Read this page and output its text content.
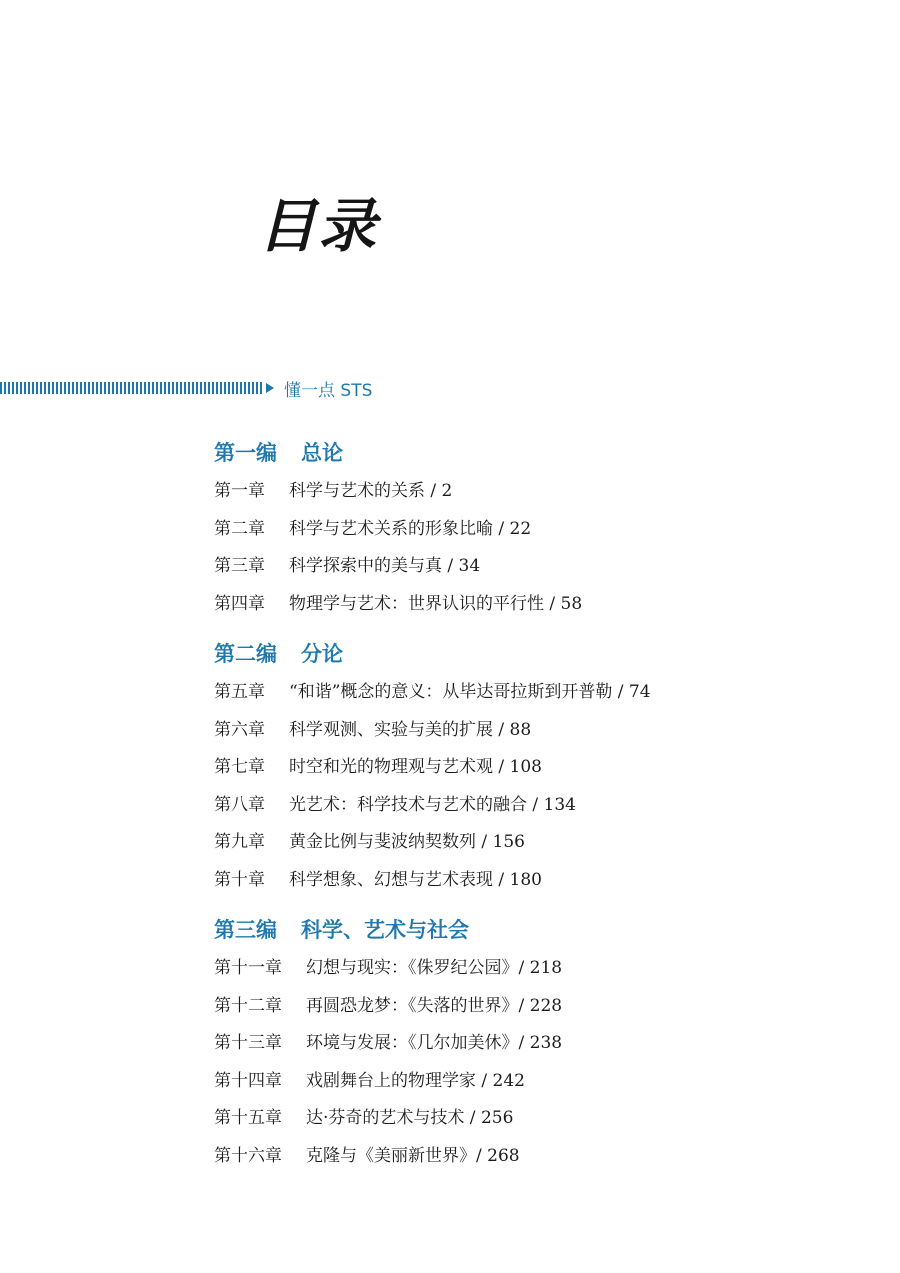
目录
懂一点 STS
第一编 总论
第一章 科学与艺术的关系 / 2
第二章 科学与艺术关系的形象比喻 / 22
第三章 科学探索中的美与真 / 34
第四章 物理学与艺术：世界认识的平行性 / 58
第二编 分论
第五章 “和谐”概念的意义：从毕达哥拉斯到开普勒 / 74
第六章 科学观测、实验与美的扩展 / 88
第七章 时空和光的物理观与艺术观 / 108
第八章 光艺术：科学技术与艺术的融合 / 134
第九章 黄金比例与斐波纳契数列 / 156
第十章 科学想象、幻想与艺术表现 / 180
第三编 科学、艺术与社会
第十一章 幻想与现实：《侏罗纪公园》/ 218
第十二章 再圆恐龙梦：《失落的世界》/ 228
第十三章 环境与发展：《几尔加美休》/ 238
第十四章 戏剧舞台上的物理学家 / 242
第十五章 达·芬奇的艺术与技术 / 256
第十六章 克隆与《美丽新世界》/ 268
